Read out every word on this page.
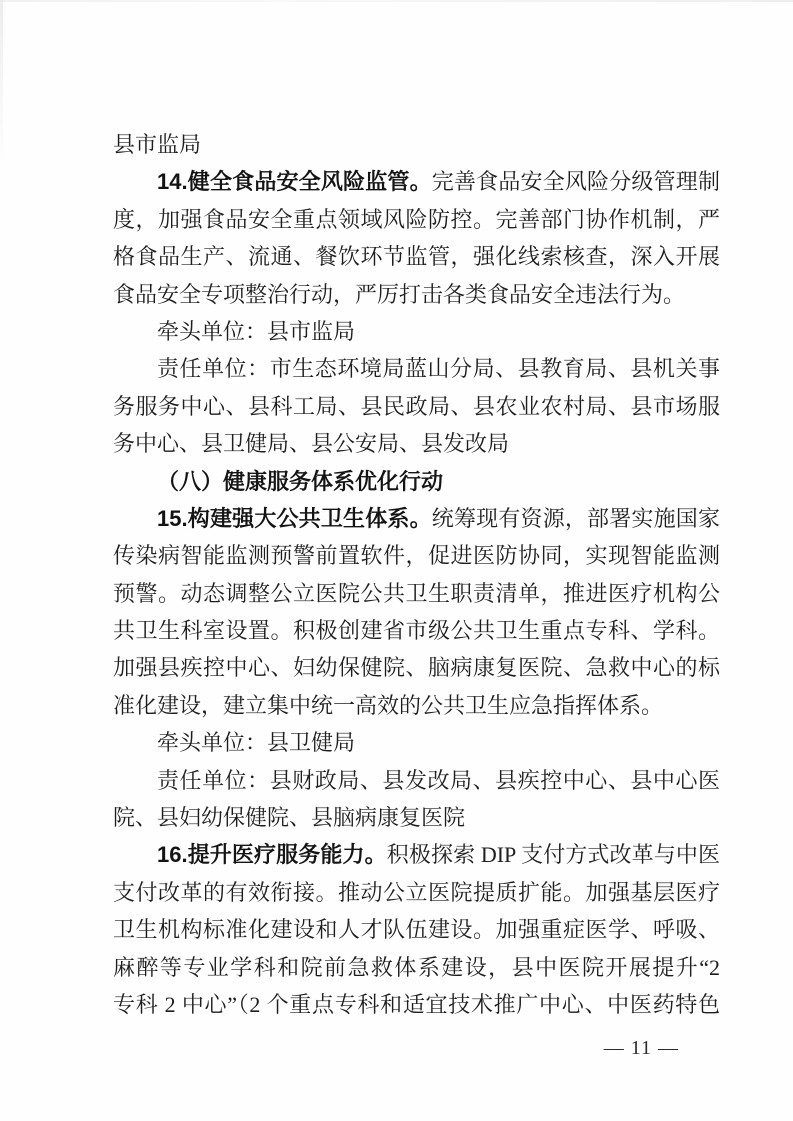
县市监局
14.健全食品安全风险监管。完善食品安全风险分级管理制
度，加强食品安全重点领域风险防控。完善部门协作机制，严
格食品生产、流通、餐饮环节监管，强化线索核查，深入开展
食品安全专项整治行动，严厉打击各类食品安全违法行为。
牵头单位：县市监局
责任单位：市生态环境局蓝山分局、县教育局、县机关事
务服务中心、县科工局、县民政局、县农业农村局、县市场服
务中心、县卫健局、县公安局、县发改局
（八）健康服务体系优化行动
15.构建强大公共卫生体系。统筹现有资源，部署实施国家
传染病智能监测预警前置软件，促进医防协同，实现智能监测
预警。动态调整公立医院公共卫生职责清单，推进医疗机构公
共卫生科室设置。积极创建省市级公共卫生重点专科、学科。
加强县疾控中心、妇幼保健院、脑病康复医院、急救中心的标
准化建设，建立集中统一高效的公共卫生应急指挥体系。
牵头单位：县卫健局
责任单位：县财政局、县发改局、县疾控中心、县中心医
院、县妇幼保健院、县脑病康复医院
16.提升医疗服务能力。积极探索 DIP 支付方式改革与中医
支付改革的有效衔接。推动公立医院提质扩能。加强基层医疗
卫生机构标准化建设和人才队伍建设。加强重症医学、呼吸、
麻醉等专业学科和院前急救体系建设，县中医院开展提升“2
专科 2 中心”（2 个重点专科和适宜技术推广中心、中医药特色
— 11 —
